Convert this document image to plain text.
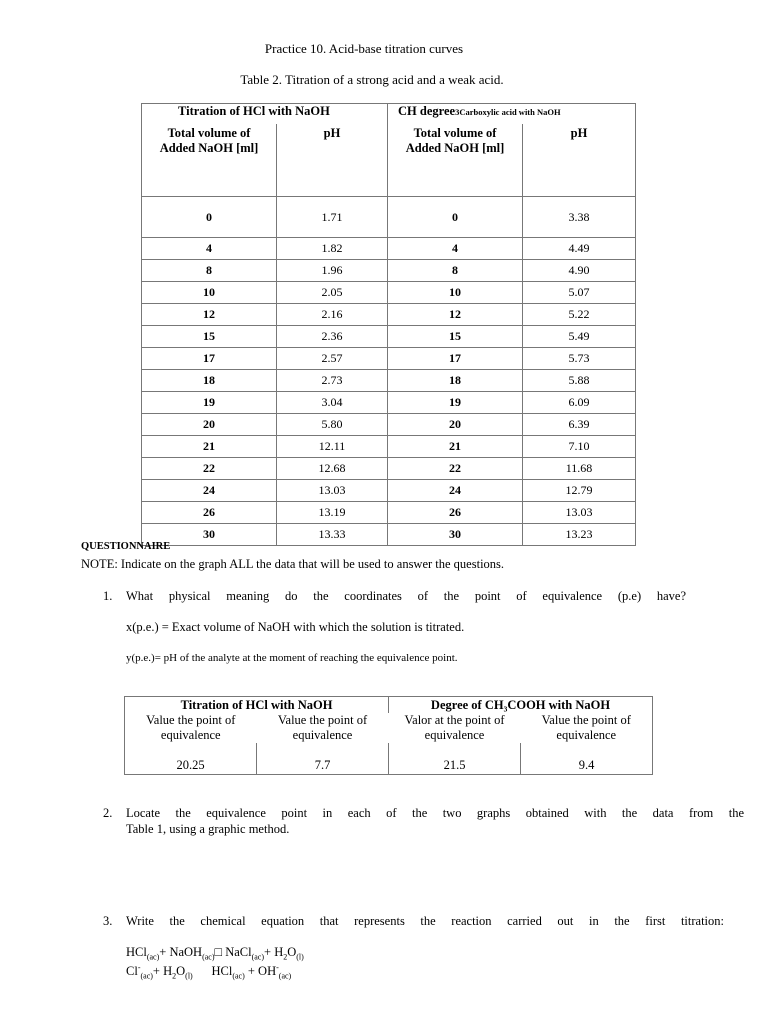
Practice 10. Acid-base titration curves
Table 2. Titration of a strong acid and a weak acid.
Titration of HCl with NaOH		CH degree3Carboxylic acid with NaOH	

Total volume of Added NaOH [ml]	pH	Total volume of Added NaOH [ml]	pH

0	1.71	0	3.38
4	1.82	4	4.49
8	1.96	8	4.90
10	2.05	10	5.07
12	2.16	12	5.22
15	2.36	15	5.49
17	2.57	17	5.73
18	2.73	18	5.88
19	3.04	19	6.09
20	5.80	20	6.39
21	12.11	21	7.10
22	12.68	22	11.68
24	13.03	24	12.79
26	13.19	26	13.03
30	13.33	30	13.23
QUESTIONNAIRE
NOTE: Indicate on the graph ALL the data that will be used to answer the questions.
1. What physical meaning do the coordinates of the point of equivalence (p.e) have?
x(p.e.) = Exact volume of NaOH with which the solution is titrated.
y(p.e.)= pH of the analyte at the moment of reaching the equivalence point.
Titration of HCl with NaOH		Degree of CH₃COOH with NaOH	

Value the point of equivalence	Value the point of equivalence	Valor at the point of equivalence	Value the point of equivalence

20.25	7.7	21.5	9.4
2. Locate the equivalence point in each of the two graphs obtained with the data from the
Table 1, using a graphic method.
3. Write the chemical equation that represents the reaction carried out in the first titration:
HCl$_{(ac)}$+ NaOH$_{(ac)}$□ NaCl$_{(ac)}$+ $H_2O_{(l)}$
$Cl^-_{(ac)}+ H_2O_{(l)}$      $HCl_{(ac)} + OH^-_{(ac)}$
